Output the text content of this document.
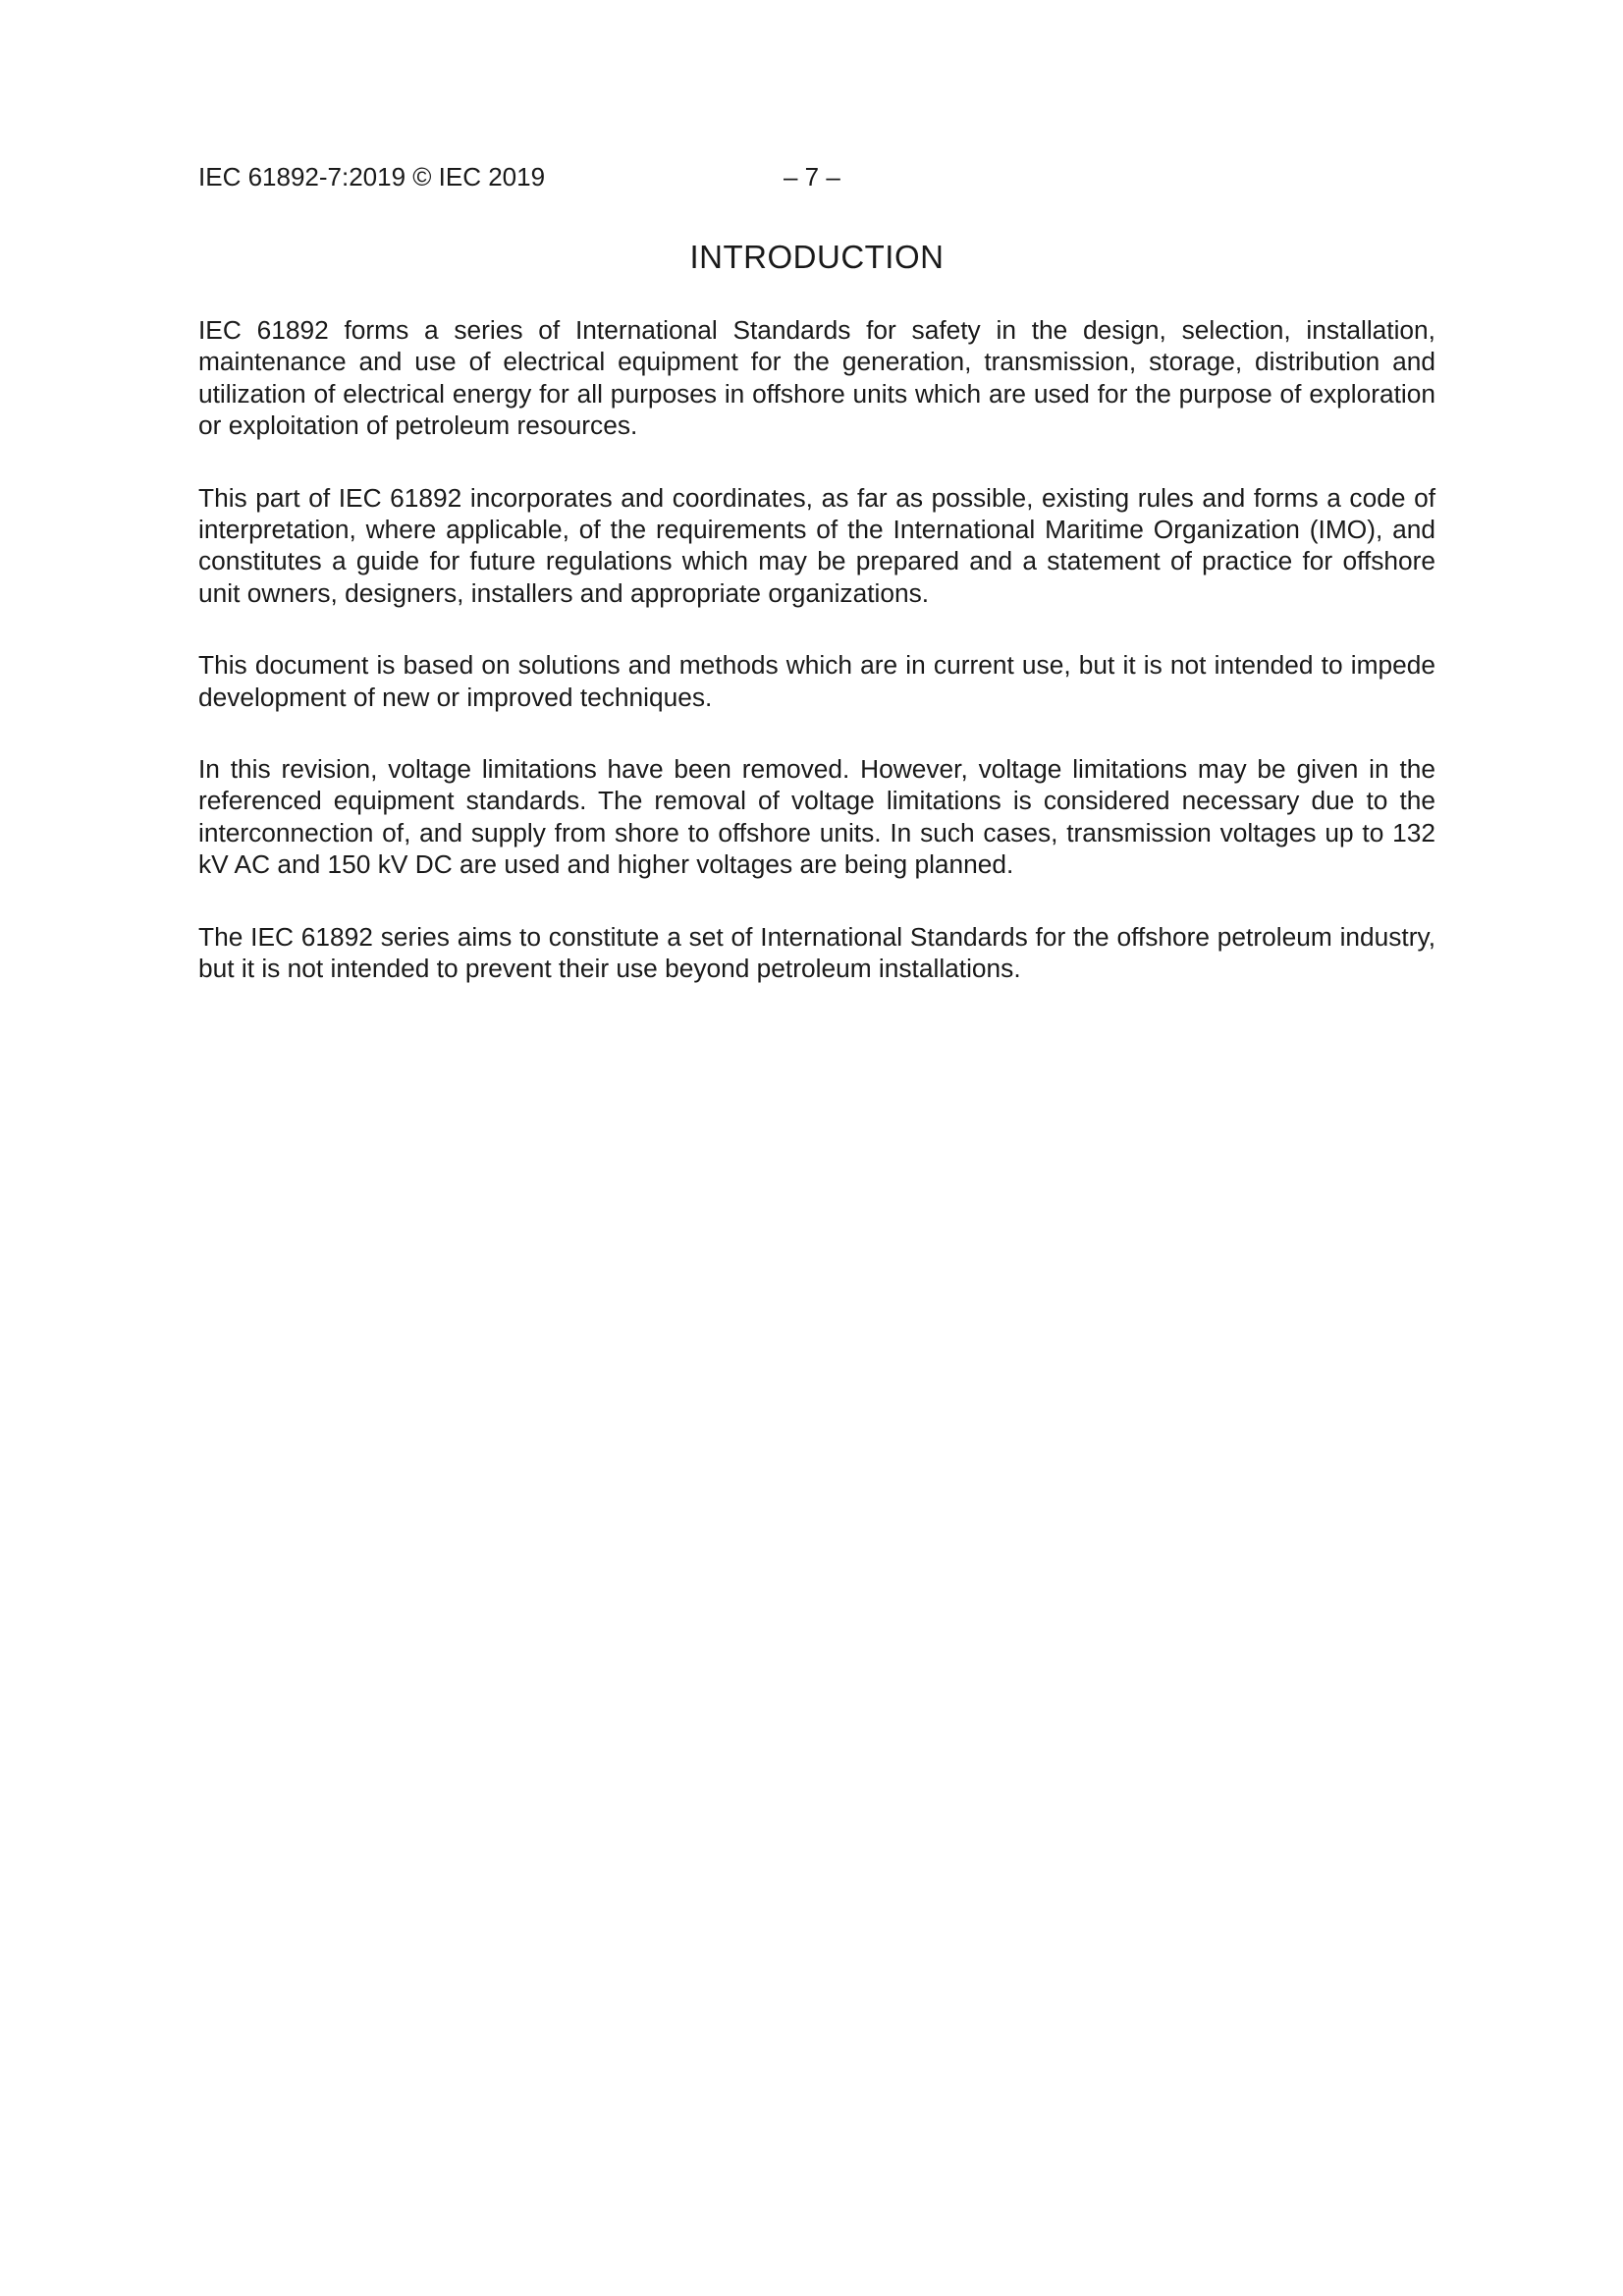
IEC 61892-7:2019 © IEC 2019	– 7 –
INTRODUCTION

IEC 61892 forms a series of International Standards for safety in the design, selection, installation, maintenance and use of electrical equipment for the generation, transmission, storage, distribution and utilization of electrical energy for all purposes in offshore units which are used for the purpose of exploration or exploitation of petroleum resources.

This part of IEC 61892 incorporates and coordinates, as far as possible, existing rules and forms a code of interpretation, where applicable, of the requirements of the International Maritime Organization (IMO), and constitutes a guide for future regulations which may be prepared and a statement of practice for offshore unit owners, designers, installers and appropriate organizations.

This document is based on solutions and methods which are in current use, but it is not intended to impede development of new or improved techniques.

In this revision, voltage limitations have been removed. However, voltage limitations may be given in the referenced equipment standards. The removal of voltage limitations is considered necessary due to the interconnection of, and supply from shore to offshore units. In such cases, transmission voltages up to 132 kV AC and 150 kV DC are used and higher voltages are being planned.

The IEC 61892 series aims to constitute a set of International Standards for the offshore petroleum industry, but it is not intended to prevent their use beyond petroleum installations.
